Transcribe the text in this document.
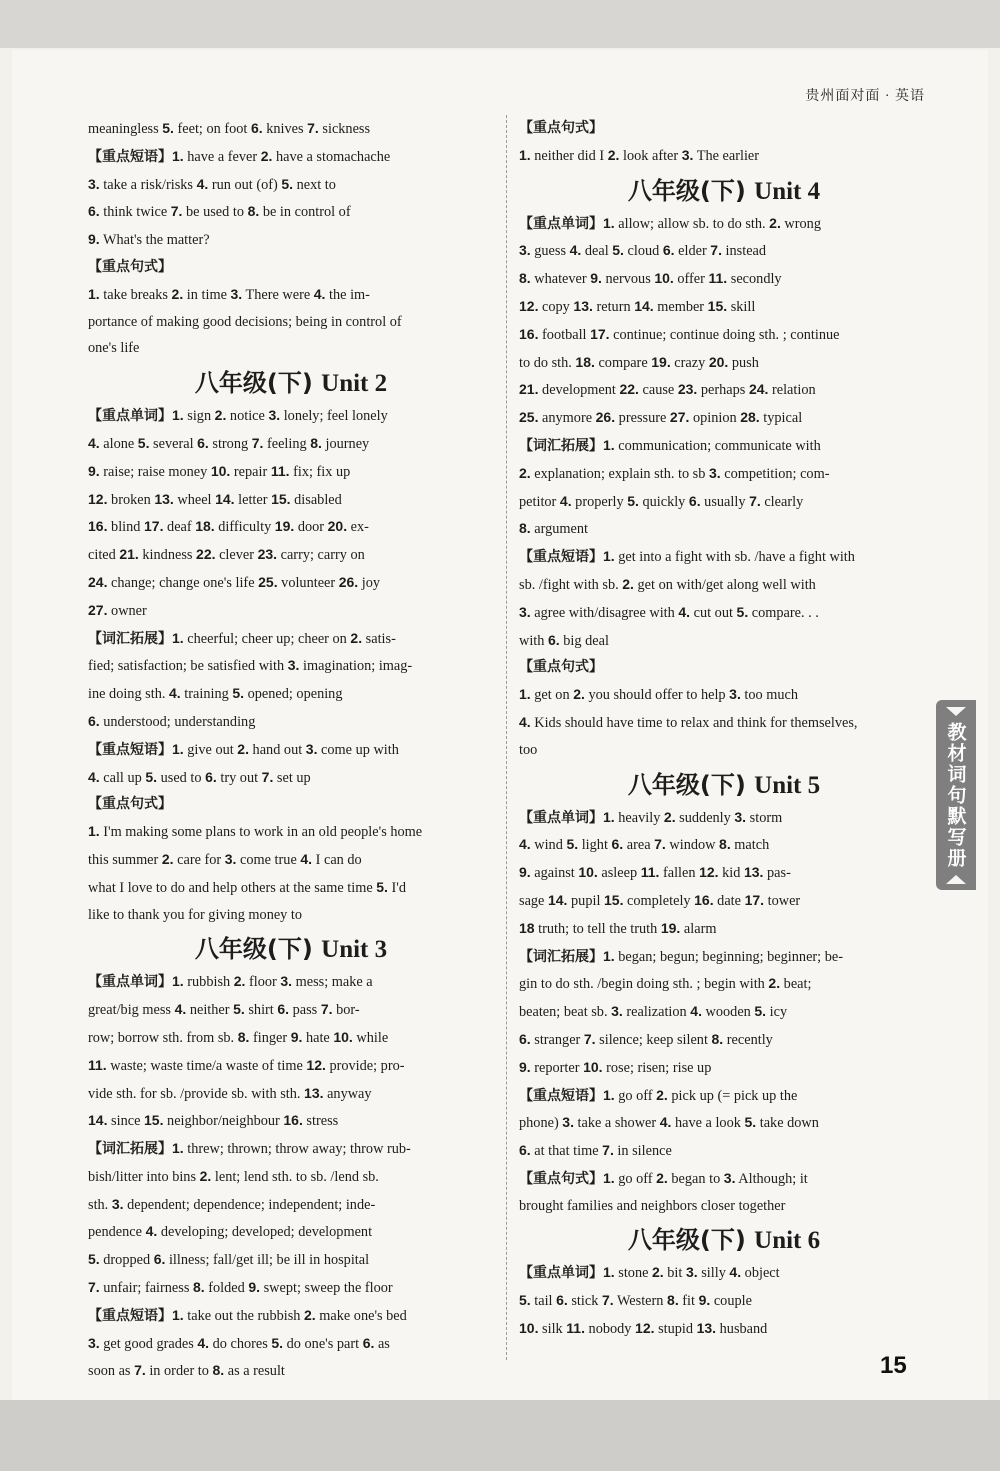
贵州面对面 · 英语
meaningless 5. feet; on foot 6. knives 7. sickness
【重点短语】1. have a fever 2. have a stomachache
3. take a risk/risks 4. run out (of) 5. next to
6. think twice 7. be used to 8. be in control of
9. What's the matter?
【重点句式】
1. take breaks 2. in time 3. There were 4. the im-
portance of making good decisions; being in control of
one's life
八年级(下) Unit 2
【重点单词】1. sign 2. notice 3. lonely; feel lonely
4. alone 5. several 6. strong 7. feeling 8. journey
9. raise; raise money 10. repair 11. fix; fix up
12. broken 13. wheel 14. letter 15. disabled
16. blind 17. deaf 18. difficulty 19. door 20. ex-
cited 21. kindness 22. clever 23. carry; carry on
24. change; change one's life 25. volunteer 26. joy
27. owner
【词汇拓展】1. cheerful; cheer up; cheer on 2. satis-
fied; satisfaction; be satisfied with 3. imagination; imag-
ine doing sth. 4. training 5. opened; opening
6. understood; understanding
【重点短语】1. give out 2. hand out 3. come up with
4. call up 5. used to 6. try out 7. set up
【重点句式】
1. I'm making some plans to work in an old people's home
this summer 2. care for 3. come true 4. I can do
what I love to do and help others at the same time 5. I'd
like to thank you for giving money to
八年级(下) Unit 3
【重点单词】1. rubbish 2. floor 3. mess; make a
great/big mess 4. neither 5. shirt 6. pass 7. bor-
row; borrow sth. from sb. 8. finger 9. hate 10. while
11. waste; waste time/a waste of time 12. provide; pro-
vide sth. for sb. /provide sb. with sth. 13. anyway
14. since 15. neighbor/neighbour 16. stress
【词汇拓展】1. threw; thrown; throw away; throw rub-
bish/litter into bins 2. lent; lend sth. to sb. /lend sb.
sth. 3. dependent; dependence; independent; inde-
pendence 4. developing; developed; development
5. dropped 6. illness; fall/get ill; be ill in hospital
7. unfair; fairness 8. folded 9. swept; sweep the floor
【重点短语】1. take out the rubbish 2. make one's bed
3. get good grades 4. do chores 5. do one's part 6. as
soon as 7. in order to 8. as a result
【重点句式】
1. neither did I 2. look after 3. The earlier
八年级(下) Unit 4
【重点单词】1. allow; allow sb. to do sth. 2. wrong
3. guess 4. deal 5. cloud 6. elder 7. instead
8. whatever 9. nervous 10. offer 11. secondly
12. copy 13. return 14. member 15. skill
16. football 17. continue; continue doing sth. ; continue
to do sth. 18. compare 19. crazy 20. push
21. development 22. cause 23. perhaps 24. relation
25. anymore 26. pressure 27. opinion 28. typical
【词汇拓展】1. communication; communicate with
2. explanation; explain sth. to sb 3. competition; com-
petitor 4. properly 5. quickly 6. usually 7. clearly
8. argument
【重点短语】1. get into a fight with sb. /have a fight with
sb. /fight with sb. 2. get on with/get along well with
3. agree with/disagree with 4. cut out 5. compare. . .
with 6. big deal
【重点句式】
1. get on 2. you should offer to help 3. too much
4. Kids should have time to relax and think for themselves,
too
八年级(下) Unit 5
【重点单词】1. heavily 2. suddenly 3. storm
4. wind 5. light 6. area 7. window 8. match
9. against 10. asleep 11. fallen 12. kid 13. pas-
sage 14. pupil 15. completely 16. date 17. tower
18 truth; to tell the truth 19. alarm
【词汇拓展】1. began; begun; beginning; beginner; be-
gin to do sth. /begin doing sth. ; begin with 2. beat;
beaten; beat sb. 3. realization 4. wooden 5. icy
6. stranger 7. silence; keep silent 8. recently
9. reporter 10. rose; risen; rise up
【重点短语】1. go off 2. pick up (= pick up the
phone) 3. take a shower 4. have a look 5. take down
6. at that time 7. in silence
【重点句式】1. go off 2. began to 3. Although; it
brought families and neighbors closer together
八年级(下) Unit 6
【重点单词】1. stone 2. bit 3. silly 4. object
5. tail 6. stick 7. Western 8. fit 9. couple
10. silk 11. nobody 12. stupid 13. husband
教材词句默写册
15
